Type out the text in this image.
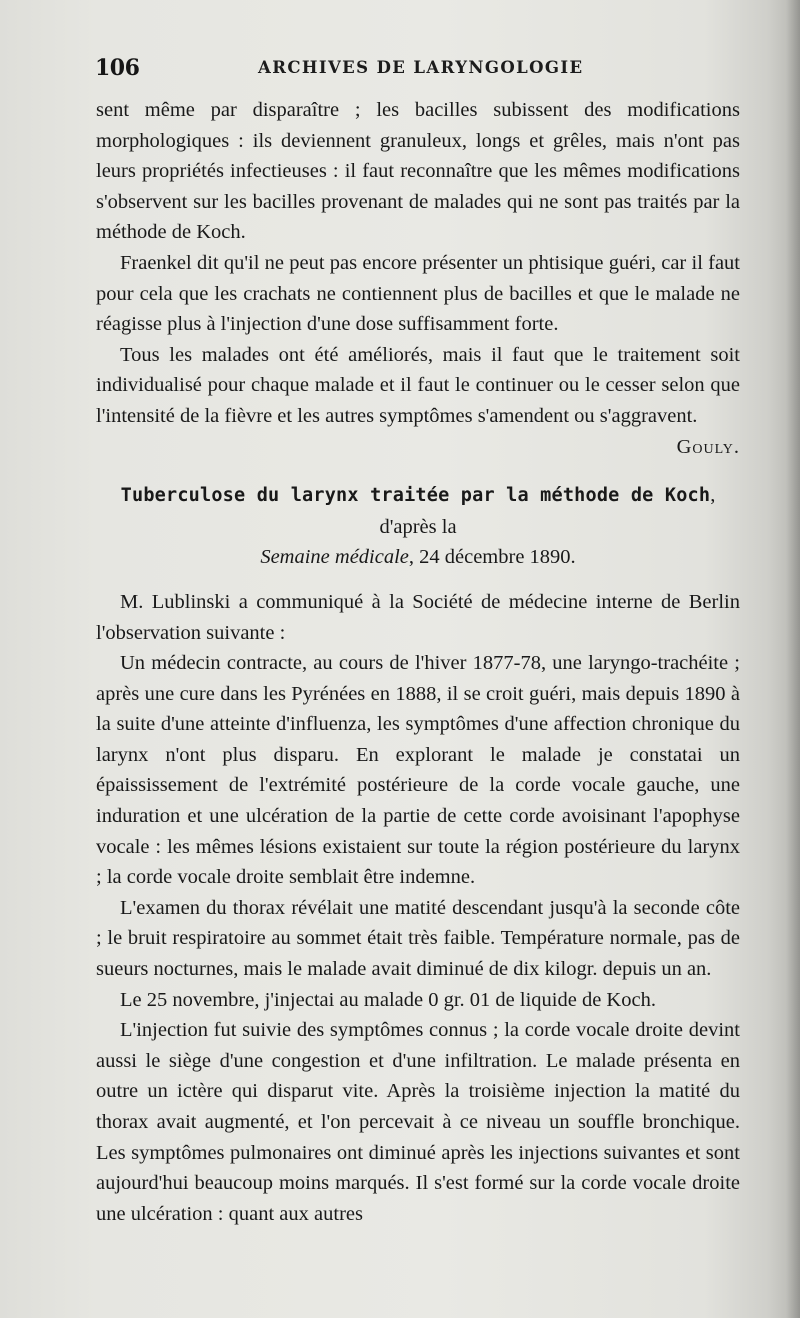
106	ARCHIVES DE LARYNGOLOGIE

sent même par disparaître ; les bacilles subissent des modifications morphologiques : ils deviennent granuleux, longs et grêles, mais n'ont pas leurs propriétés infectieuses : il faut reconnaître que les mêmes modifications s'observent sur les bacilles provenant de malades qui ne sont pas traités par la méthode de Koch.

Fraenkel dit qu'il ne peut pas encore présenter un phtisique guéri, car il faut pour cela que les crachats ne contiennent plus de bacilles et que le malade ne réagisse plus à l'injection d'une dose suffisamment forte.

Tous les malades ont été améliorés, mais il faut que le traitement soit individualisé pour chaque malade et il faut le continuer ou le cesser selon que l'intensité de la fièvre et les autres symptômes s'amendent ou s'aggravent.

Gouly.

Tuberculose du larynx traitée par la méthode de Koch, d'après la
Semaine médicale, 24 décembre 1890.

M. Lublinski a communiqué à la Société de médecine interne de Berlin l'observation suivante :

Un médecin contracte, au cours de l'hiver 1877-78, une laryngo-trachéite ; après une cure dans les Pyrénées en 1888, il se croit guéri, mais depuis 1890 à la suite d'une atteinte d'influenza, les symptômes d'une affection chronique du larynx n'ont plus disparu. En explorant le malade je constatai un épaississement de l'extrémité postérieure de la corde vocale gauche, une induration et une ulcération de la partie de cette corde avoisinant l'apophyse vocale : les mêmes lésions existaient sur toute la région postérieure du larynx ; la corde vocale droite semblait être indemne.

L'examen du thorax révélait une matité descendant jusqu'à la seconde côte ; le bruit respiratoire au sommet était très faible. Température normale, pas de sueurs nocturnes, mais le malade avait diminué de dix kilogr. depuis un an.

Le 25 novembre, j'injectai au malade 0 gr. 01 de liquide de Koch.

L'injection fut suivie des symptômes connus ; la corde vocale droite devint aussi le siège d'une congestion et d'une infiltration. Le malade présenta en outre un ictère qui disparut vite. Après la troisième injection la matité du thorax avait augmenté, et l'on percevait à ce niveau un souffle bronchique. Les symptômes pulmonaires ont diminué après les injections suivantes et sont aujourd'hui beaucoup moins marqués. Il s'est formé sur la corde vocale droite une ulcération : quant aux autres
